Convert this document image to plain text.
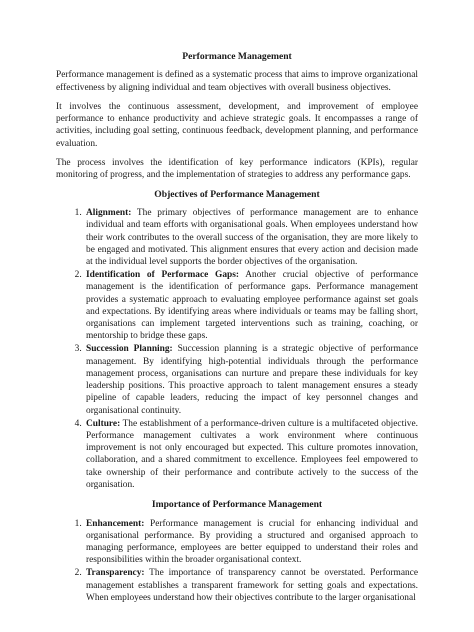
Performance Management

Performance management is defined as a systematic process that aims to improve organizational effectiveness by aligning individual and team objectives with overall business objectives.

It involves the continuous assessment, development, and improvement of employee performance to enhance productivity and achieve strategic goals. It encompasses a range of activities, including goal setting, continuous feedback, development planning, and performance evaluation.

The process involves the identification of key performance indicators (KPIs), regular monitoring of progress, and the implementation of strategies to address any performance gaps.

Objectives of Performance Management
1. Alignment: The primary objectives of performance management are to enhance individual and team efforts with organisational goals. When employees understand how their work contributes to the overall success of the organisation, they are more likely to be engaged and motivated. This alignment ensures that every action and decision made at the individual level supports the border objectives of the organisation.
2. Identification of Performace Gaps: Another crucial objective of performance management is the identification of performance gaps. Performance management provides a systematic approach to evaluating employee performance against set goals and expectations. By identifying areas where individuals or teams may be falling short, organisations can implement targeted interventions such as training, coaching, or mentorship to bridge these gaps.
3. Succession Planning: Succession planning is a strategic objective of performance management. By identifying high-potential individuals through the performance management process, organisations can nurture and prepare these individuals for key leadership positions. This proactive approach to talent management ensures a steady pipeline of capable leaders, reducing the impact of key personnel changes and organisational continuity.
4. Culture: The establishment of a performance-driven culture is a multifaceted objective. Performance management cultivates a work environment where continuous improvement is not only encouraged but expected. This culture promotes innovation, collaboration, and a shared commitment to excellence. Employees feel empowered to take ownership of their performance and contribute actively to the success of the organisation.
Importance of Performance Management
1. Enhancement: Performance management is crucial for enhancing individual and organisational performance. By providing a structured and organised approach to managing performance, employees are better equipped to understand their roles and responsibilities within the broader organisational context.
2. Transparency: The importance of transparency cannot be overstated. Performance management establishes a transparent framework for setting goals and expectations. When employees understand how their objectives contribute to the larger organisational
